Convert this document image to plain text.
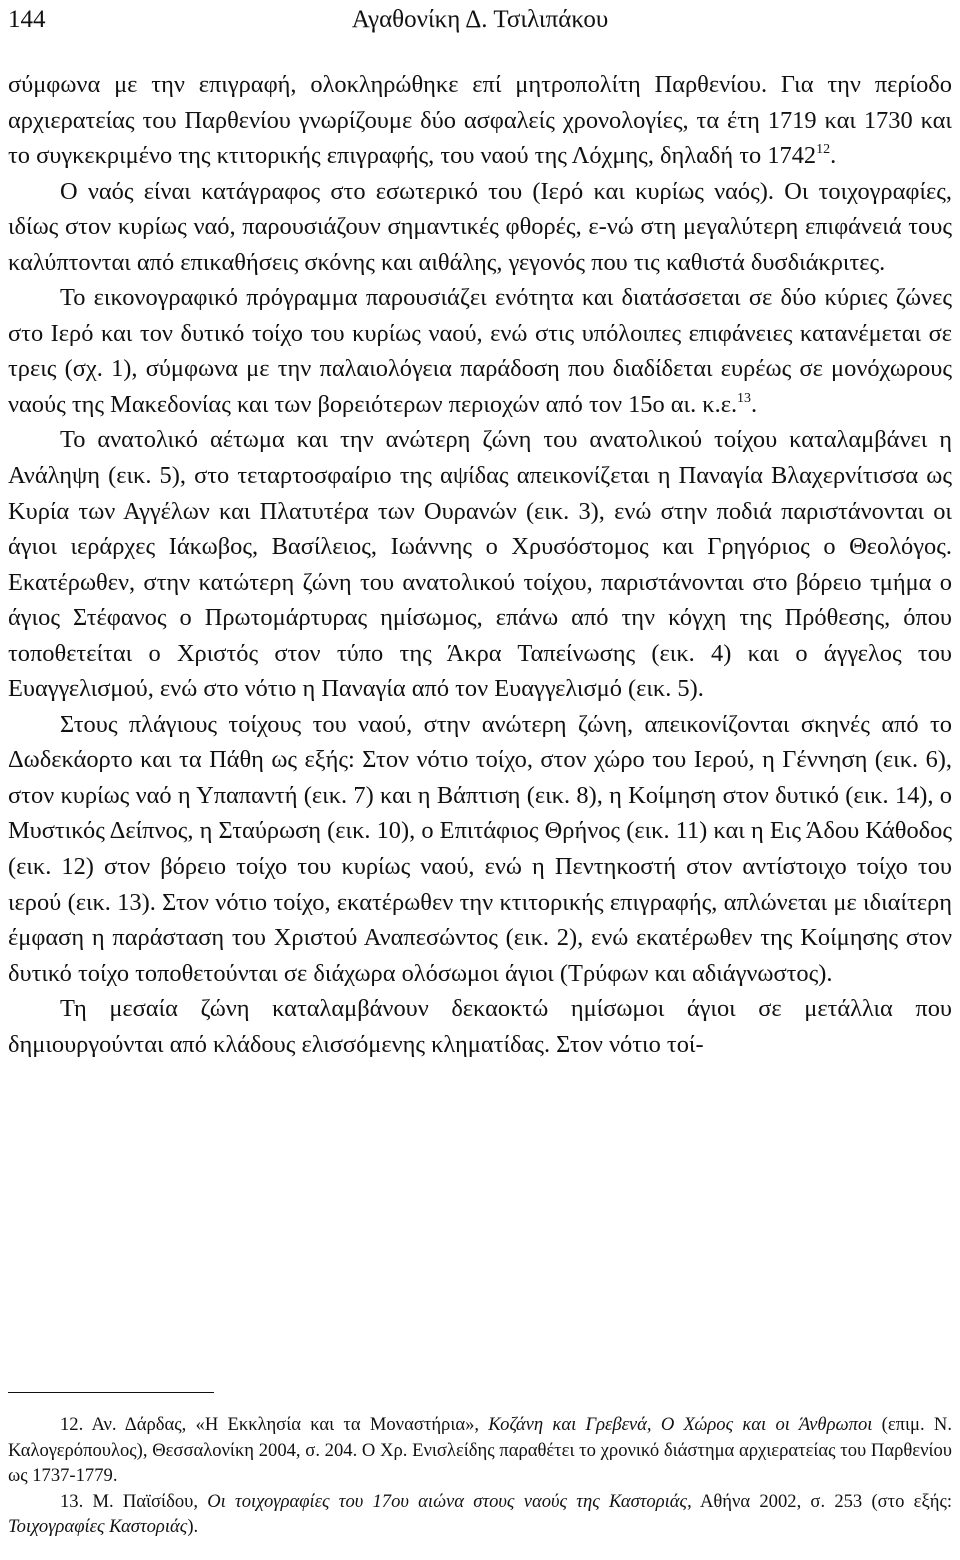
144	Αγαθονίκη Δ. Τσιλιπάκου

σύμφωνα με την επιγραφή, ολοκληρώθηκε επί μητροπολίτη Παρθενίου. Για την περίοδο αρχιερατείας του Παρθενίου γνωρίζουμε δύο ασφαλείς χρονολογίες, τα έτη 1719 και 1730 και το συγκεκριμένο της κτιτορικής επιγραφής, του ναού της Λόχμης, δηλαδή το 1742$^{12}$.

Ο ναός είναι κατάγραφος στο εσωτερικό του (Ιερό και κυρίως ναός). Οι τοιχογραφίες, ιδίως στον κυρίως ναό, παρουσιάζουν σημαντικές φθορές, ε-νώ στη μεγαλύτερη επιφάνειά τους καλύπτονται από επικαθήσεις σκόνης και αιθάλης, γεγονός που τις καθιστά δυσδιάκριτες.

Το εικονογραφικό πρόγραμμα παρουσιάζει ενότητα και διατάσσεται σε δύο κύριες ζώνες στο Ιερό και τον δυτικό τοίχο του κυρίως ναού, ενώ στις υπόλοιπες επιφάνειες κατανέμεται σε τρεις (σχ. 1), σύμφωνα με την παλαιολόγεια παράδοση που διαδίδεται ευρέως σε μονόχωρους ναούς της Μακεδονίας και των βορειότερων περιοχών από τον 15ο αι. κ.ε.$^{13}$.

Το ανατολικό αέτωμα και την ανώτερη ζώνη του ανατολικού τοίχου καταλαμβάνει η Ανάληψη (εικ. 5), στο τεταρτοσφαίριο της αψίδας απεικονίζεται η Παναγία Βλαχερνίτισσα ως Κυρία των Αγγέλων και Πλατυτέρα των Ουρανών (εικ. 3), ενώ στην ποδιά παριστάνονται οι άγιοι ιεράρχες Ιάκωβος, Βασίλειος, Ιωάννης ο Χρυσόστομος και Γρηγόριος ο Θεολόγος. Εκατέρωθεν, στην κατώτερη ζώνη του ανατολικού τοίχου, παριστάνονται στο βόρειο τμήμα ο άγιος Στέφανος ο Πρωτομάρτυρας ημίσωμος, επάνω από την κόγχη της Πρόθεσης, όπου τοποθετείται ο Χριστός στον τύπο της Άκρα Ταπείνωσης (εικ. 4) και ο άγγελος του Ευαγγελισμού, ενώ στο νότιο η Παναγία από τον Ευαγγελισμό (εικ. 5).

Στους πλάγιους τοίχους του ναού, στην ανώτερη ζώνη, απεικονίζονται σκηνές από το Δωδεκάορτο και τα Πάθη ως εξής: Στον νότιο τοίχο, στον χώρο του Ιερού, η Γέννηση (εικ. 6), στον κυρίως ναό η Υπαπαντή (εικ. 7) και η Βάπτιση (εικ. 8), η Κοίμηση στον δυτικό (εικ. 14), ο Μυστικός Δείπνος, η Σταύρωση (εικ. 10), ο Επιτάφιος Θρήνος (εικ. 11) και η Εις Άδου Κάθοδος (εικ. 12) στον βόρειο τοίχο του κυρίως ναού, ενώ η Πεντηκοστή στον αντίστοιχο τοίχο του ιερού (εικ. 13). Στον νότιο τοίχο, εκατέρωθεν την κτιτορικής επιγραφής, απλώνεται με ιδιαίτερη έμφαση η παράσταση του Χριστού Αναπεσώντος (εικ. 2), ενώ εκατέρωθεν της Κοίμησης στον δυτικό τοίχο τοποθετούνται σε διάχωρα ολόσωμοι άγιοι (Τρύφων και αδιάγνωστος).

Τη μεσαία ζώνη καταλαμβάνουν δεκαοκτώ ημίσωμοι άγιοι σε μετάλλια που δημιουργούνται από κλάδους ελισσόμενης κληματίδας. Στον νότιο τοί-

12. Αν. Δάρδας, «Η Εκκλησία και τα Μοναστήρια», Κοζάνη και Γρεβενά, Ο Χώρος και οι Άνθρωποι (επιμ. Ν. Καλογερόπουλος), Θεσσαλονίκη 2004, σ. 204. Ο Χρ. Ενισλείδης παραθέτει το χρονικό διάστημα αρχιερατείας του Παρθενίου ως 1737-1779.

13. Μ. Παϊσίδου, Οι τοιχογραφίες του 17ου αιώνα στους ναούς της Καστοριάς, Αθήνα 2002, σ. 253 (στο εξής: Τοιχογραφίες Καστοριάς).
